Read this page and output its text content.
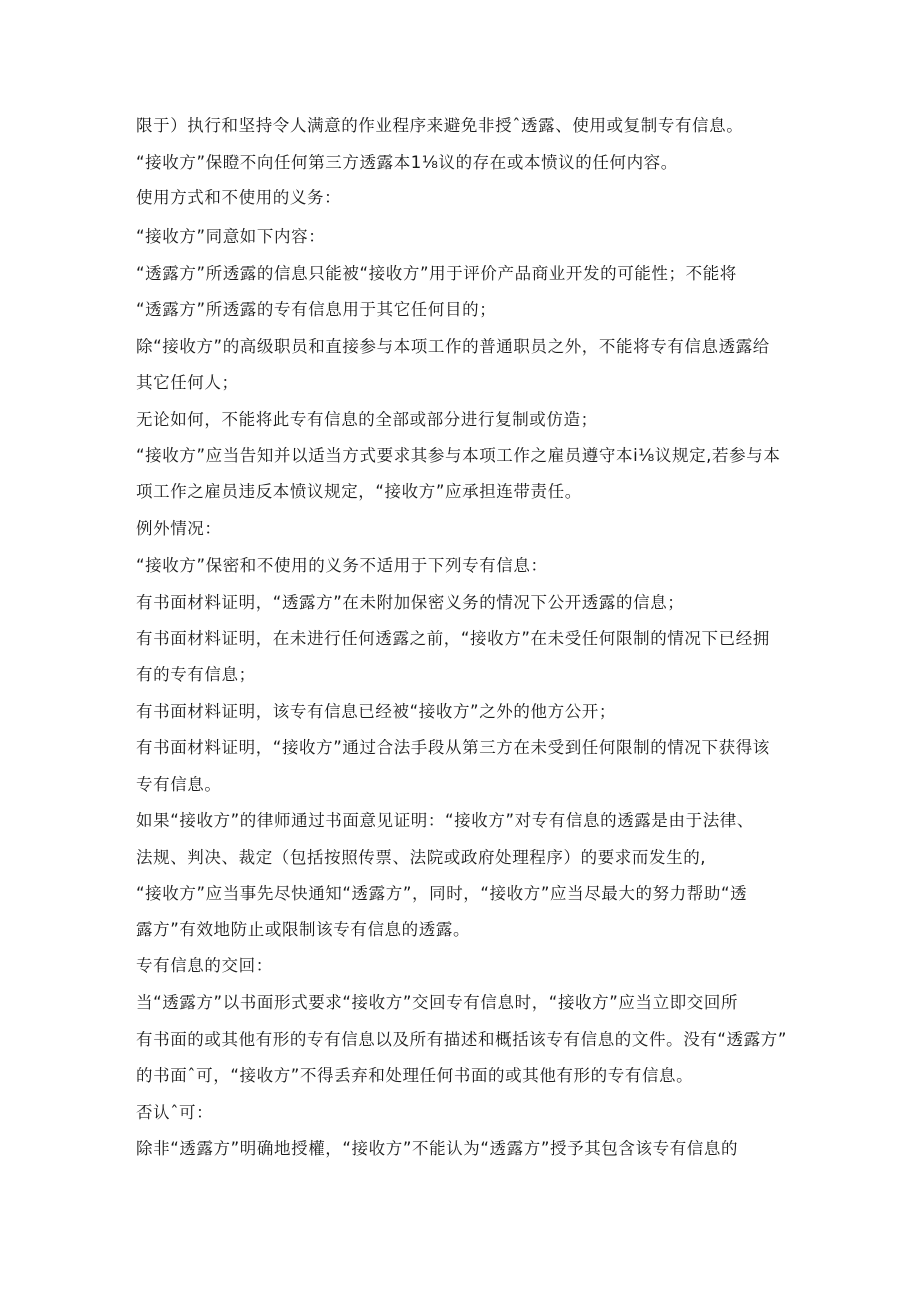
限于）执行和坚持令人满意的作业程序来避免非授ˆ透露、使用或复制专有信息。
“接收方”保瞪不向任何第三方透露本1⅛议的存在或本愤议的任何内容。
使用方式和不使用的义务：
“接收方”同意如下内容：
“透露方”所透露的信息只能被“接收方”用于评价产品商业开发的可能性；不能将
“透露方”所透露的专有信息用于其它任何目的；
除“接收方”的高级职员和直接参与本项工作的普通职员之外，不能将专有信息透露给
其它任何人；
无论如何，不能将此专有信息的全部或部分进行复制或仿造；
“接收方”应当告知并以适当方式要求其参与本项工作之雇员遵守本i⅛议规定,若参与本
项工作之雇员违反本愤议规定，“接收方”应承担连带责任。
例外情况：
“接收方”保密和不使用的义务不适用于下列专有信息：
有书面材料证明，“透露方”在未附加保密义务的情况下公开透露的信息；
有书面材料证明，在未进行任何透露之前，“接收方”在未受任何限制的情况下已经拥
有的专有信息；
有书面材料证明，该专有信息已经被“接收方”之外的他方公开；
有书面材料证明，“接收方”通过合法手段从第三方在未受到任何限制的情况下获得该
专有信息。
如果“接收方”的律师通过书面意见证明：“接收方”对专有信息的透露是由于法律、
法规、判决、裁定（包括按照传票、法院或政府处理程序）的要求而发生的,
“接收方”应当事先尽快通知“透露方”，同时，“接收方”应当尽最大的努力帮助“透
露方”有效地防止或限制该专有信息的透露。
专有信息的交回：
当“透露方”以书面形式要求“接收方”交回专有信息时，“接收方”应当立即交回所
有书面的或其他有形的专有信息以及所有描述和概括该专有信息的文件。没有“透露方”
的书面ˆ可，“接收方”不得丢弃和处理任何书面的或其他有形的专有信息。
否认ˆ可：
除非“透露方”明确地授權，“接收方”不能认为“透露方”授予其包含该专有信息的
